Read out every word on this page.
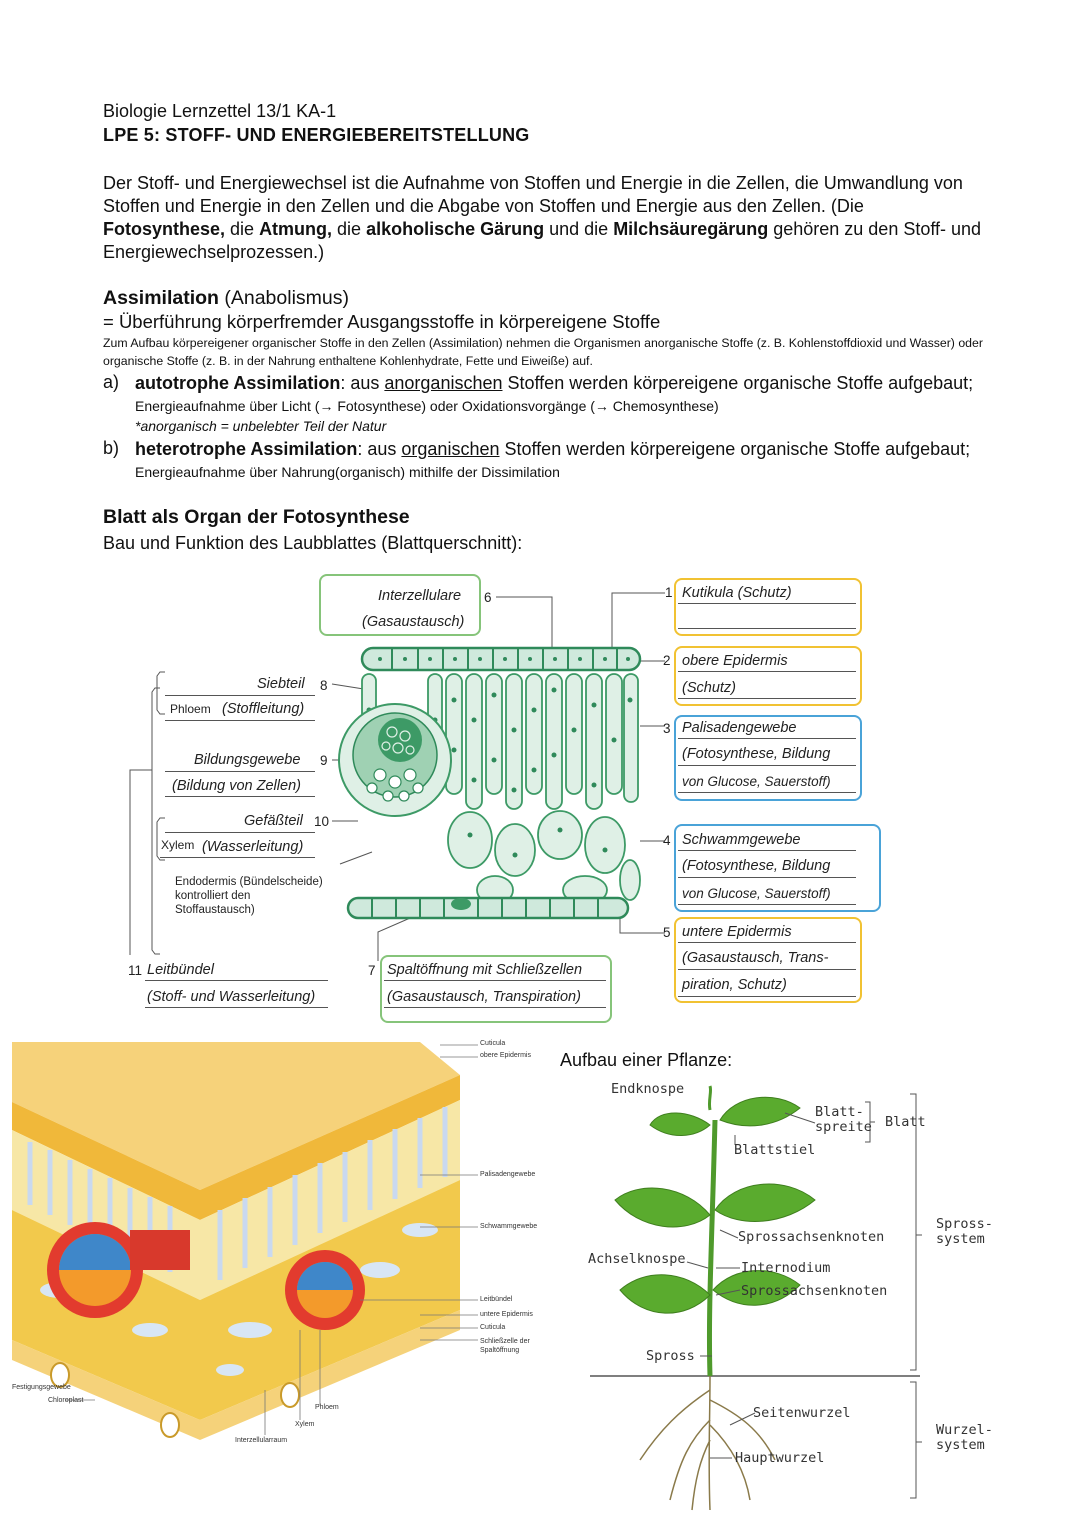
Biologie Lernzettel 13/1 KA-1
LPE 5: STOFF- UND ENERGIEBEREITSTELLUNG
Der Stoff- und Energiewechsel ist die Aufnahme von Stoffen und Energie in die Zellen, die Umwandlung von Stoffen und Energie in den Zellen und die Abgabe von Stoffen und Energie aus den Zellen. (Die Fotosynthese, die Atmung, die alkoholische Gärung und die Milchsäuregärung gehören zu den Stoff- und Energiewechselprozessen.)
Assimilation (Anabolismus)
= Überführung körperfremder Ausgangsstoffe in körpereigene Stoffe
Zum Aufbau körpereigener organischer Stoffe in den Zellen (Assimilation) nehmen die Organismen anorganische Stoffe (z. B. Kohlenstoffdioxid und Wasser) oder organische Stoffe (z. B. in der Nahrung enthaltene Kohlenhydrate, Fette und Eiweiße) auf.
a) autotrophe Assimilation: aus anorganischen Stoffen werden körpereigene organische Stoffe aufgebaut; Energieaufnahme über Licht (→ Fotosynthese) oder Oxidationsvorgänge (→ Chemosynthese)
*anorganisch = unbelebter Teil der Natur
b) heterotrophe Assimilation: aus organischen Stoffen werden körpereigene organische Stoffe aufgebaut; Energieaufnahme über Nahrung(organisch) mithilfe der Dissimilation
Blatt als Organ der Fotosynthese
Bau und Funktion des Laubblattes (Blattquerschnitt):
Interzellulare 6
(Gasaustausch)
1 Kutikula (Schutz)
2 obere Epidermis
(Schutz)
3 Palisadengewebe
(Fotosynthese, Bildung
von Glucose, Sauerstoff)
4 Schwammgewebe
(Fotosynthese, Bildung
von Glucose, Sauerstoff)
5 untere Epidermis
(Gasaustausch, Trans-
piration, Schutz)
7 Spaltöffnung mit Schließzellen
(Gasaustausch, Transpiration)
Siebteil 8
Phloem (Stoffleitung)
Bildungsgewebe 9
(Bildung von Zellen)
Gefäßteil 10
Xylem (Wasserleitung)
Endodermis (Bündelscheide)
kontrolliert den
Stoffaustausch)
11 Leitbündel
(Stoff- und Wasserleitung)
Cuticula
obere Epidermis
Palisadengewebe
Schwammgewebe
Leitbündel
untere Epidermis
Cuticula
Schließzelle der
Spaltöffnung
Festigungsgewebe
Chloroplast
Phloem
Xylem
Interzellularraum
Aufbau einer Pflanze:
Endknospe
Blatt-
spreite Blatt
Blattstiel
Sprossachsenknoten
Achselknospe
Internodium
Sprossachsenknoten
Spross
Seitenwurzel
Hauptwurzel
Spross-
system
Wurzel-
system
